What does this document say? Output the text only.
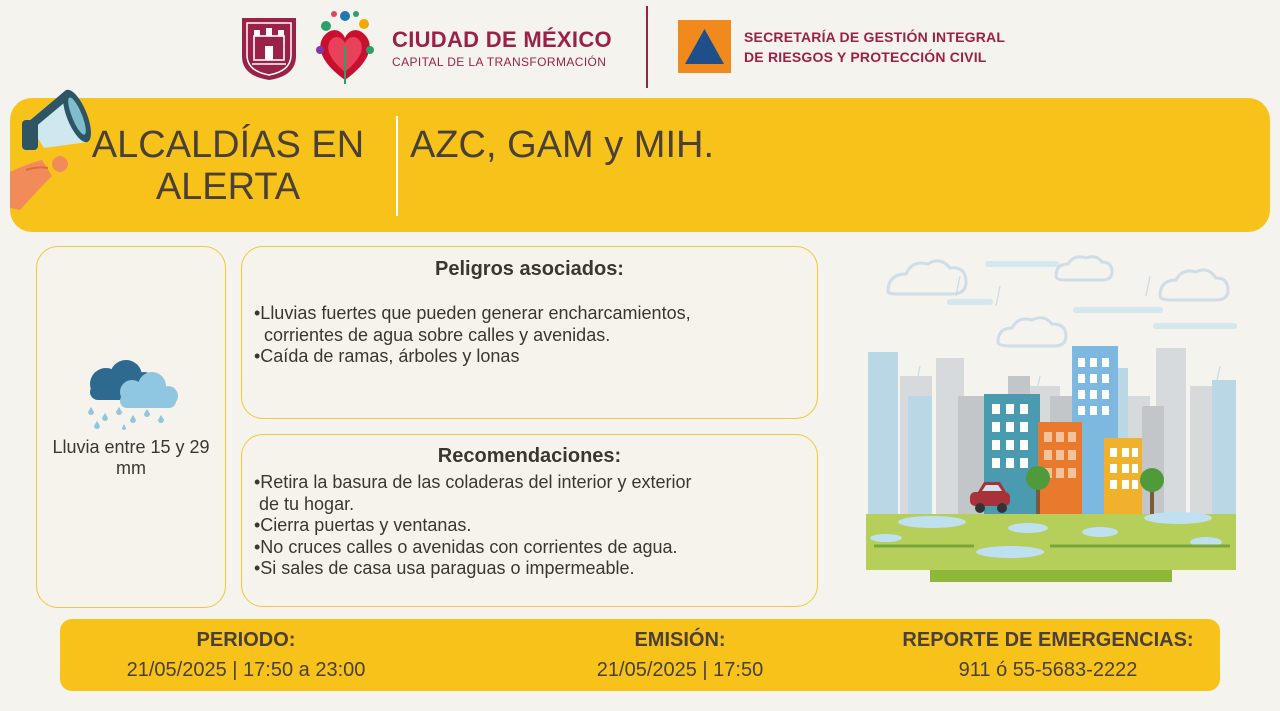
CIUDAD DE MÉXICO
CAPITAL DE LA TRANSFORMACIÓN
SECRETARÍA DE GESTIÓN INTEGRAL
DE RIESGOS Y PROTECCIÓN CIVIL
ALCALDÍAS EN ALERTA
AZC, GAM y MIH.
Lluvia entre 15 y 29 mm
Peligros asociados:
•Lluvias fuertes que pueden generar encharcamientos,
corrientes de agua sobre calles y avenidas.
•Caída de ramas, árboles y lonas
Recomendaciones:
•Retira la basura de las coladeras del interior y exterior
de tu hogar.
•Cierra puertas y ventanas.
•No cruces calles o avenidas con corrientes de agua.
•Si sales de casa usa paraguas o impermeable.
PERIODO:
21/05/2025 | 17:50 a 23:00
EMISIÓN:
21/05/2025 | 17:50
REPORTE DE EMERGENCIAS:
911 ó 55-5683-2222
